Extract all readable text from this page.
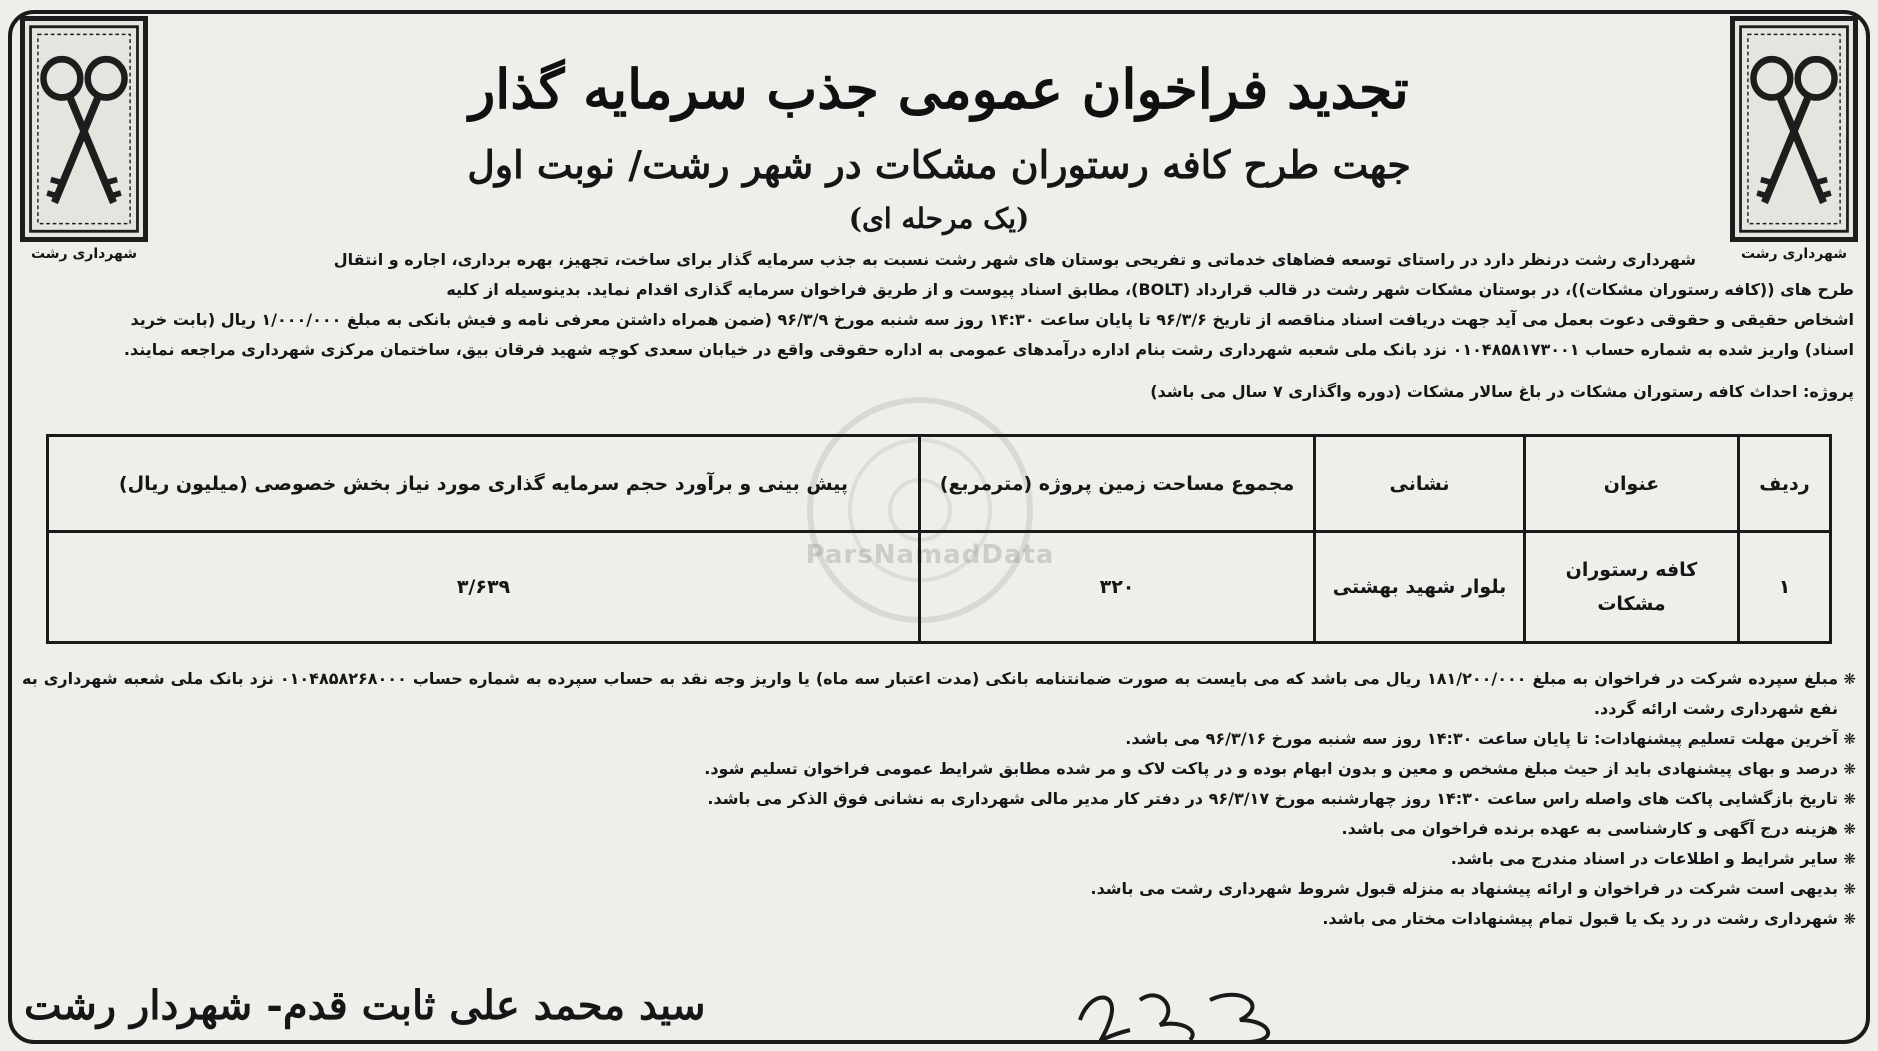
شهرداری رشت
شهرداری رشت
ParsNamadData
تجدید فراخوان عمومی جذب سرمایه گذار
جهت طرح کافه رستوران مشکات در شهر رشت/ نوبت اول
(یک مرحله ای)
شهرداری رشت درنظر دارد در راستای توسعه فضاهای خدماتی و تفریحی بوستان های شهر رشت نسبت به جذب سرمایه گذار برای ساخت، تجهیز، بهره برداری، اجاره و انتقال
طرح های ((کافه رستوران مشکات))، در بوستان مشکات شهر رشت در قالب قرارداد (BOLT)، مطابق اسناد پیوست و از طریق فراخوان سرمایه گذاری اقدام نماید. بدینوسیله از کلیه
اشخاص حقیقی و حقوقی دعوت بعمل می آید جهت دریافت اسناد مناقصه از تاریخ ۹۶/۳/۶ تا پایان ساعت ۱۴:۳۰ روز سه شنبه مورخ ۹۶/۳/۹ (ضمن همراه داشتن معرفی نامه و فیش بانکی به مبلغ ۱/۰۰۰/۰۰۰ ریال (بابت خرید
اسناد) واریز شده به شماره حساب ۰۱۰۴۸۵۸۱۷۳۰۰۱ نزد بانک ملی شعبه شهرداری رشت بنام اداره درآمدهای عمومی به اداره حقوقی واقع در خیابان سعدی کوچه شهید فرقان بیق، ساختمان مرکزی شهرداری مراجعه نمایند.
پروژه: احداث کافه رستوران مشکات در باغ سالار مشکات (دوره واگذاری ۷ سال می باشد)
ردیف	عنوان	نشانی	مجموع مساحت زمین پروژه (مترمربع)	پیش بینی و برآورد حجم سرمایه گذاری مورد نیاز بخش خصوصی (میلیون ریال)
۱	کافه رستوران مشکات	بلوار شهید بهشتی	۳۲۰	۳/۶۳۹
❋
مبلغ سپرده شرکت در فراخوان به مبلغ ۱۸۱/۲۰۰/۰۰۰ ریال می باشد که می بایست به صورت ضمانتنامه بانکی (مدت اعتبار سه ماه) یا واریز وجه نقد به حساب سپرده به شماره حساب ۰۱۰۴۸۵۸۲۶۸۰۰۰ نزد بانک ملی شعبه شهرداری به نفع شهرداری رشت ارائه گردد.
❋
آخرین مهلت تسلیم پیشنهادات: تا پایان ساعت ۱۴:۳۰ روز سه شنبه مورخ ۹۶/۳/۱۶ می باشد.
❋
درصد و بهای پیشنهادی باید از حیث مبلغ مشخص و معین و بدون ابهام بوده و در پاکت لاک و مر شده مطابق شرایط عمومی فراخوان تسلیم شود.
❋
تاریخ بازگشایی پاکت های واصله راس ساعت ۱۴:۳۰ روز چهارشنبه مورخ ۹۶/۳/۱۷ در دفتر کار مدیر مالی شهرداری به نشانی فوق الذکر می باشد.
❋
هزینه درج آگهی و کارشناسی به عهده برنده فراخوان می باشد.
❋
سایر شرایط و اطلاعات در اسناد مندرج می باشد.
❋
بدیهی است شرکت در فراخوان و ارائه پیشنهاد به منزله قبول شروط شهرداری رشت می باشد.
❋
شهرداری رشت در رد یک یا قبول تمام پیشنهادات مختار می باشد.
سید محمد علی ثابت قدم- شهردار رشت
